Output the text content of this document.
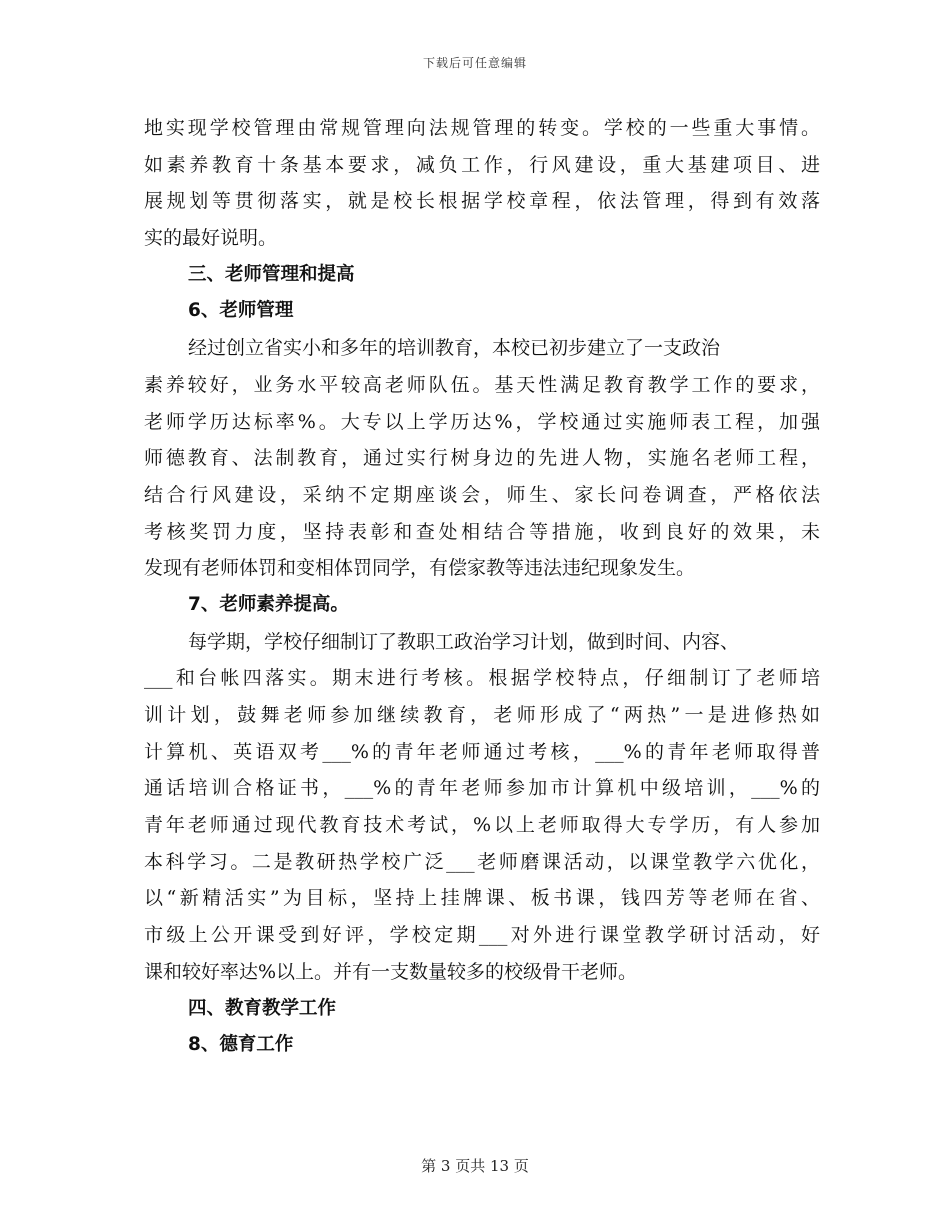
下载后可任意编辑
地实现学校管理由常规管理向法规管理的转变。学校的一些重大事情。
如素养教育十条基本要求，减负工作，行风建设，重大基建项目、进
展规划等贯彻落实，就是校长根据学校章程，依法管理，得到有效落
实的最好说明。
三、老师管理和提高
6、老师管理
经过创立省实小和多年的培训教育，本校已初步建立了一支政治
素养较好，业务水平较高老师队伍。基天性满足教育教学工作的要求，
老师学历达标率%。大专以上学历达%，学校通过实施师表工程，加强
师德教育、法制教育，通过实行树身边的先进人物，实施名老师工程，
结合行风建设，采纳不定期座谈会，师生、家长问卷调查，严格依法
考核奖罚力度，坚持表彰和查处相结合等措施，收到良好的效果，未
发现有老师体罚和变相体罚同学，有偿家教等违法违纪现象发生。
7、老师素养提高。
每学期，学校仔细制订了教职工政治学习计划，做到时间、内容、
___和台帐四落实。期末进行考核。根据学校特点，仔细制订了老师培
训计划，鼓舞老师参加继续教育，老师形成了“两热”一是进修热如
计算机、英语双考___%的青年老师通过考核，___%的青年老师取得普
通话培训合格证书，___%的青年老师参加市计算机中级培训，___%的
青年老师通过现代教育技术考试，%以上老师取得大专学历，有人参加
本科学习。二是教研热学校广泛___老师磨课活动，以课堂教学六优化，
以“新精活实”为目标，坚持上挂牌课、板书课，钱四芳等老师在省、
市级上公开课受到好评，学校定期___对外进行课堂教学研讨活动，好
课和较好率达%以上。并有一支数量较多的校级骨干老师。
四、教育教学工作
8、德育工作
第 3 页共 13 页
